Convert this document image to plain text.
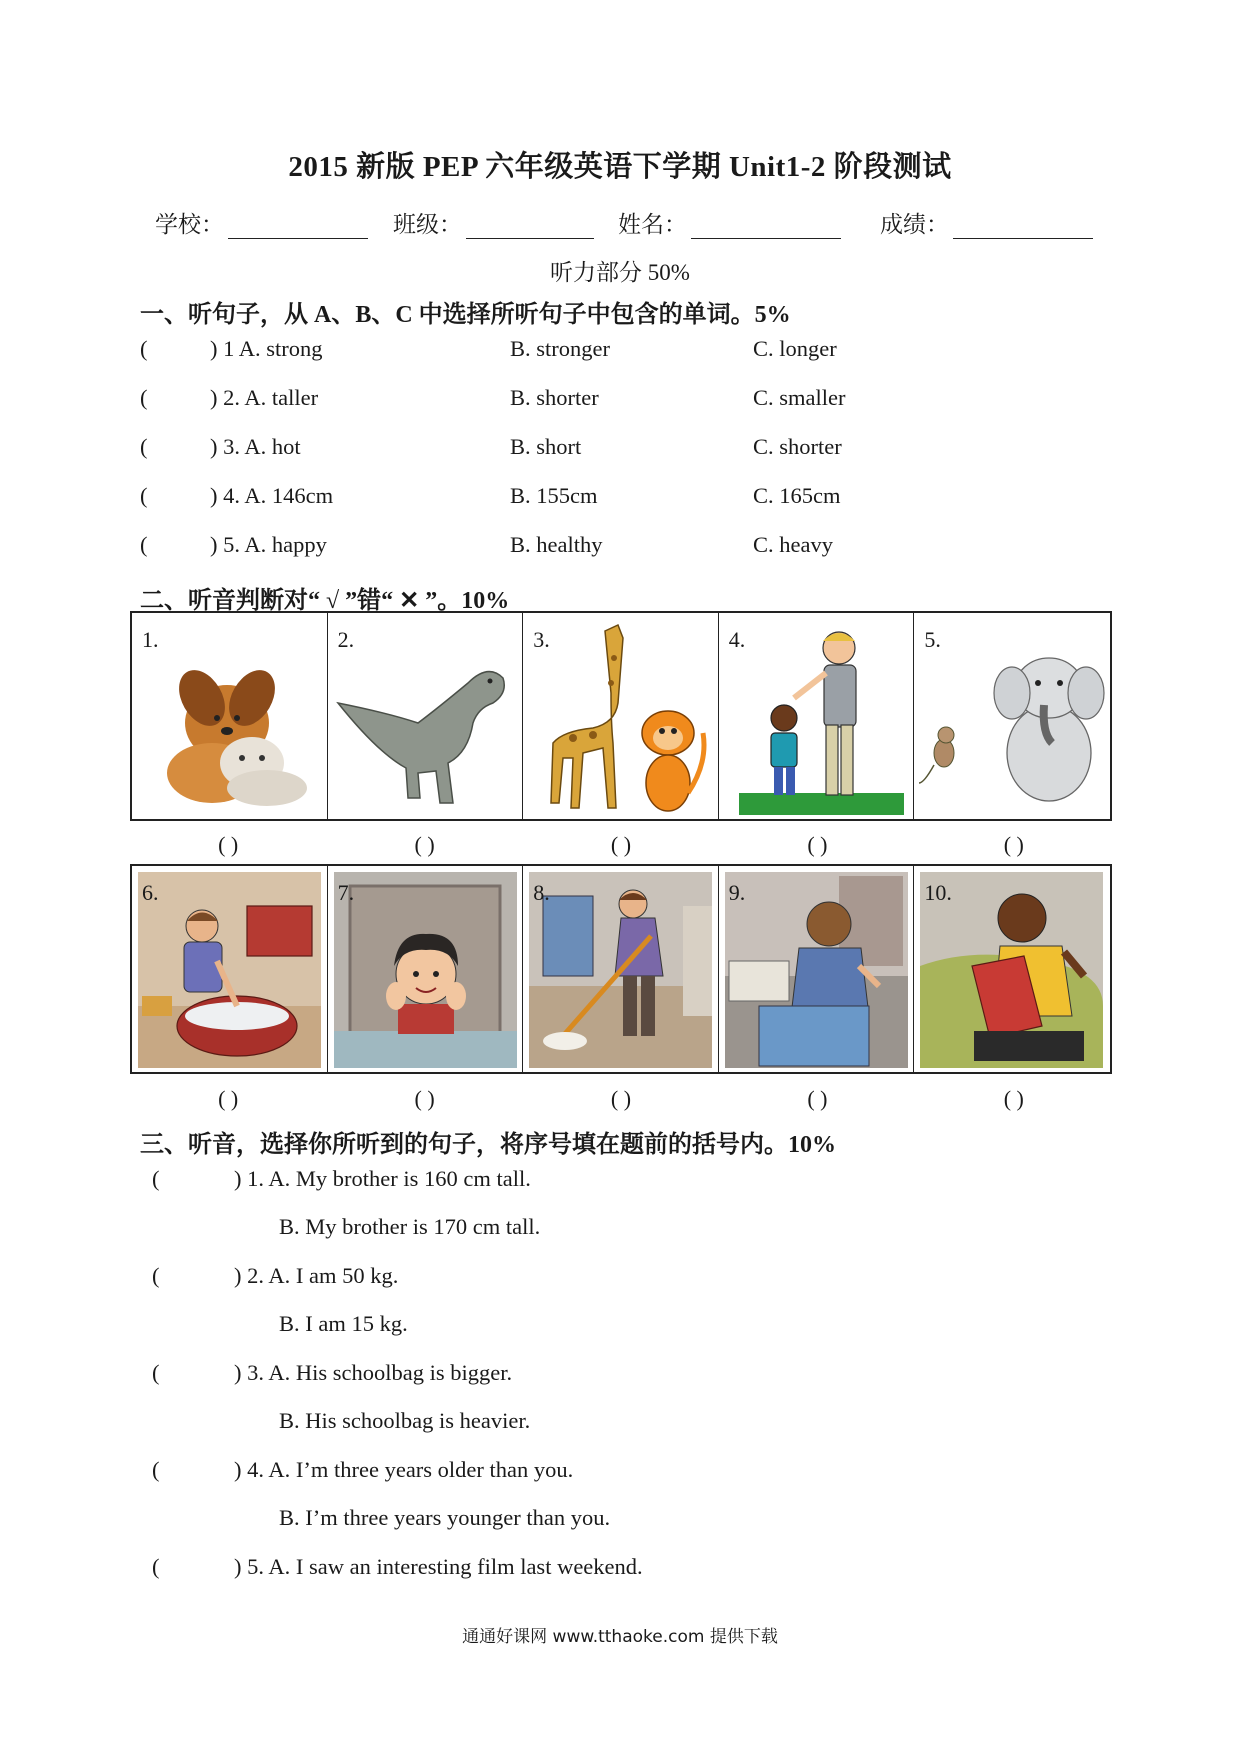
2015 新版 PEP 六年级英语下学期 Unit1-2 阶段测试
学校：	班级：	姓名：	成绩：
听力部分 50%
一、听句子，从 A、B、C 中选择所听句子中包含的单词。5%
(	) 1 A. strong	B. stronger	C. longer
(	) 2. A. taller	B. shorter	C. smaller
(	) 3. A. hot	B. short	C. shorter
(	) 4. A. 146cm	B. 155cm	C. 165cm
(	) 5. A. happy	B. healthy	C. heavy
二、听音判断对“ √ ”错“ ✕ ”。10%
1.	2.	3.	4.	5.
( )	( )	( )	( )	( )
6.	7.	8.	9.	10.
( )	( )	( )	( )	( )
三、听音，选择你所听到的句子，将序号填在题前的括号内。10%
(	) 1. A. My brother is 160 cm tall.
B. My brother is 170 cm tall.
(	) 2. A. I am 50 kg.
B. I am 15 kg.
(	) 3. A. His schoolbag is bigger.
B. His schoolbag is heavier.
(	) 4. A. I’m three years older than you.
B. I’m three years younger than you.
(	) 5. A. I saw an interesting film last weekend.
通通好课网 www.tthaoke.com 提供下载
